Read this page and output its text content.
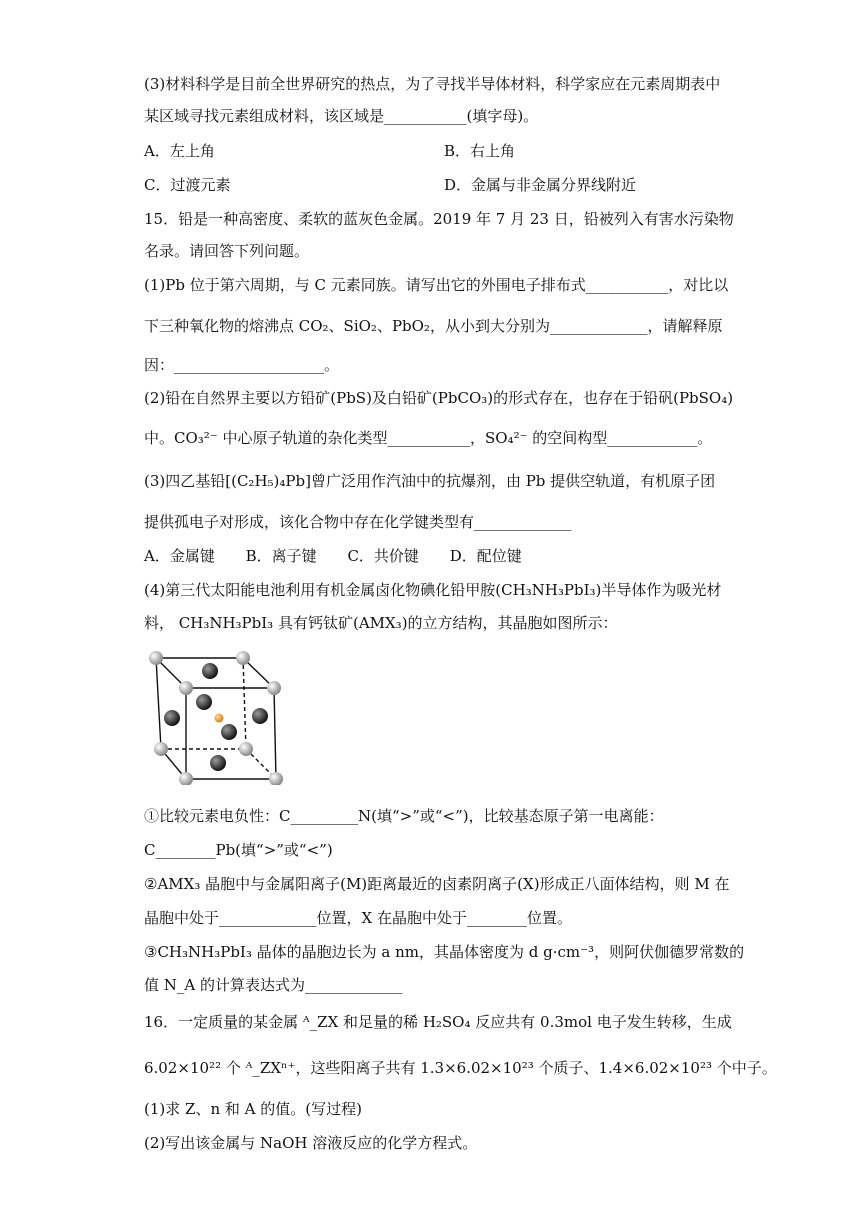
(3)材料科学是目前全世界研究的热点，为了寻找半导体材料，科学家应在元素周期表中
某区域寻找元素组成材料，该区域是___________(填字母)。
A．左上角	B．右上角
C．过渡元素	D．金属与非金属分界线附近
15．铅是一种高密度、柔软的蓝灰色金属。2019 年 7 月 23 日，铅被列入有害水污染物
名录。请回答下列问题。
(1)Pb 位于第六周期，与 C 元素同族。请写出它的外围电子排布式___________，对比以
下三种氧化物的熔沸点 CO₂、SiO₂、PbO₂，从小到大分别为_____________，请解释原
因：____________________。
(2)铅在自然界主要以方铅矿(PbS)及白铅矿(PbCO₃)的形式存在，也存在于铅矾(PbSO₄)
中。CO₃²⁻ 中心原子轨道的杂化类型___________，SO₄²⁻ 的空间构型____________。
(3)四乙基铅[(C₂H₅)₄Pb]曾广泛用作汽油中的抗爆剂，由 Pb 提供空轨道，有机原子团
提供孤电子对形成，该化合物中存在化学键类型有_____________
A．金属键 B．离子键 C．共价键 D．配位键
(4)第三代太阳能电池利用有机金属卤化物碘化铅甲胺(CH₃NH₃PbI₃)半导体作为吸光材
料， CH₃NH₃PbI₃ 具有钙钛矿(AMX₃)的立方结构，其晶胞如图所示：
①比较元素电负性：C_________N(填“>”或“<”)，比较基态原子第一电离能：
C________Pb(填“>”或“<”)
②AMX₃ 晶胞中与金属阳离子(M)距离最近的卤素阴离子(X)形成正八面体结构，则 M 在
晶胞中处于_____________位置，X 在晶胞中处于________位置。
③CH₃NH₃PbI₃ 晶体的晶胞边长为 a nm，其晶体密度为 d g·cm⁻³，则阿伏伽德罗常数的
值 N_A 的计算表达式为_____________
16．一定质量的某金属 ᴬ_ZX 和足量的稀 H₂SO₄ 反应共有 0.3mol 电子发生转移，生成
6.02×10²² 个 ᴬ_ZXⁿ⁺，这些阳离子共有 1.3×6.02×10²³ 个质子、1.4×6.02×10²³ 个中子。
(1)求 Z、n 和 A 的值。(写过程)
(2)写出该金属与 NaOH 溶液反应的化学方程式。
